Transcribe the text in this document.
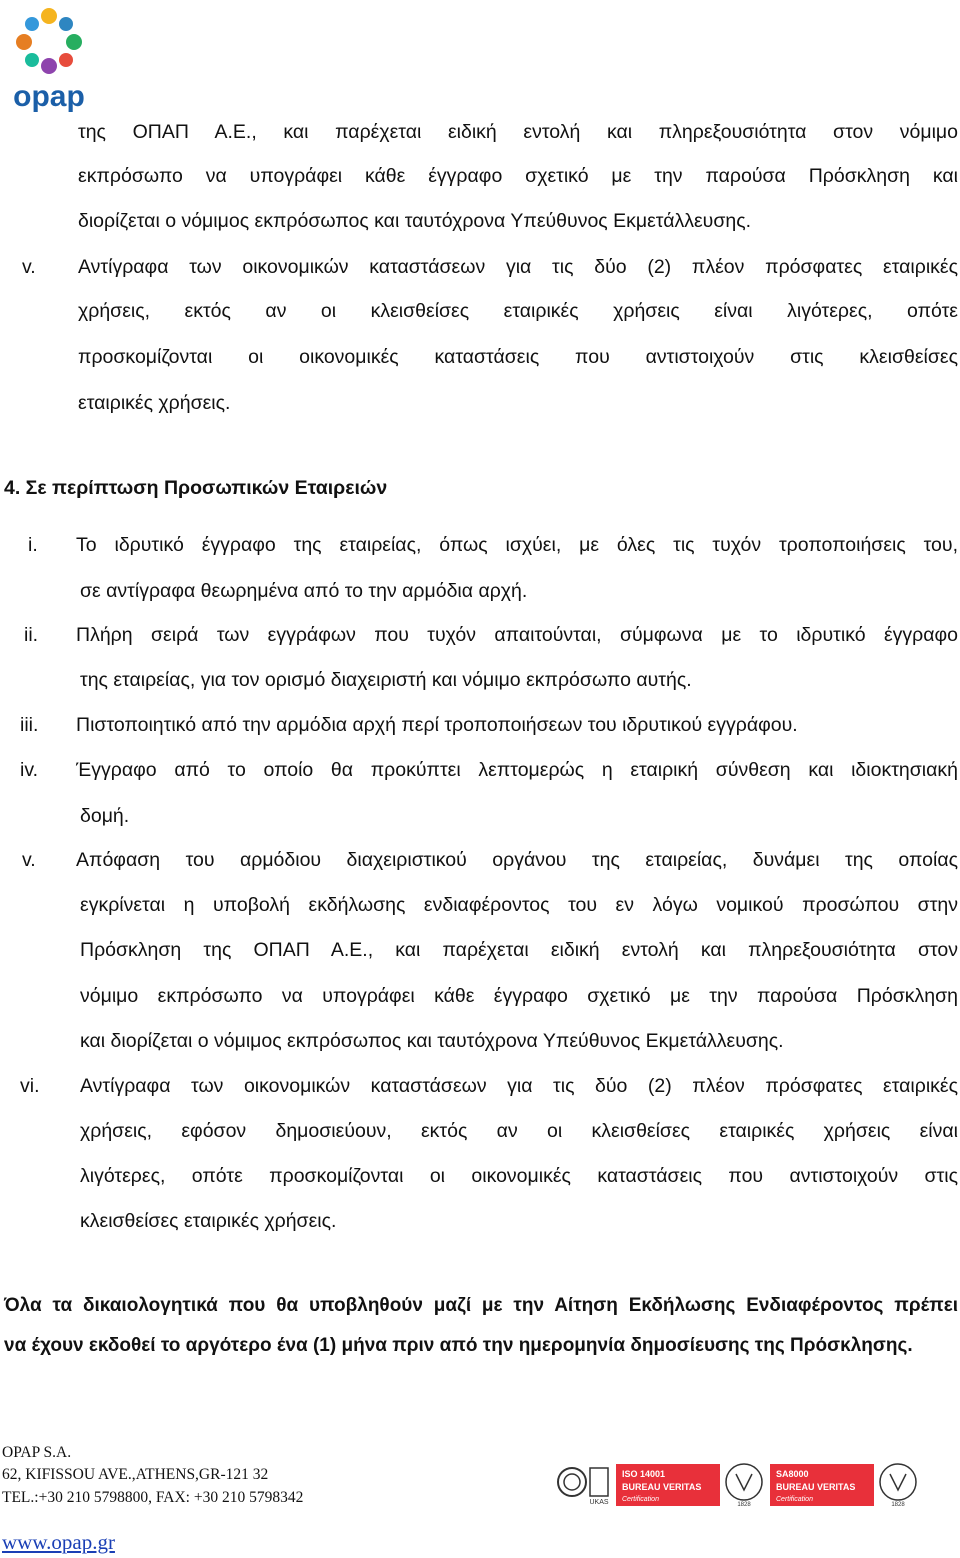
opap
της ΟΠΑΠ Α.Ε., και παρέχεται ειδική εντολή και πληρεξουσιότητα στον νόμιμο
εκπρόσωπο να υπογράφει κάθε έγγραφο σχετικό με την παρούσα Πρόσκληση και
διορίζεται ο νόμιμος εκπρόσωπος και ταυτόχρονα Υπεύθυνος Εκμετάλλευσης.
v. Αντίγραφα των οικονομικών καταστάσεων για τις δύο (2) πλέον πρόσφατες εταιρικές
χρήσεις, εκτός αν οι κλεισθείσες εταιρικές χρήσεις είναι λιγότερες, οπότε
προσκομίζονται οι οικονομικές καταστάσεις που αντιστοιχούν στις κλεισθείσες
εταιρικές χρήσεις.
4. Σε περίπτωση Προσωπικών Εταιρειών
i. Το ιδρυτικό έγγραφο της εταιρείας, όπως ισχύει, με όλες τις τυχόν τροποποιήσεις του,
σε αντίγραφα θεωρημένα από το την αρμόδια αρχή.
ii. Πλήρη σειρά των εγγράφων που τυχόν απαιτούνται, σύμφωνα με το ιδρυτικό έγγραφο
της εταιρείας, για τον ορισμό διαχειριστή και νόμιμο εκπρόσωπο αυτής.
iii. Πιστοποιητικό από την αρμόδια αρχή περί τροποποιήσεων του ιδρυτικού εγγράφου.
iv. Έγγραφο από το οποίο θα προκύπτει λεπτομερώς η εταιρική σύνθεση και ιδιοκτησιακή
δομή.
v. Απόφαση του αρμόδιου διαχειριστικού οργάνου της εταιρείας, δυνάμει της οποίας
εγκρίνεται η υποβολή εκδήλωσης ενδιαφέροντος του εν λόγω νομικού προσώπου στην
Πρόσκληση της ΟΠΑΠ Α.Ε., και παρέχεται ειδική εντολή και πληρεξουσιότητα στον
νόμιμο εκπρόσωπο να υπογράφει κάθε έγγραφο σχετικό με την παρούσα Πρόσκληση
και διορίζεται ο νόμιμος εκπρόσωπος και ταυτόχρονα Υπεύθυνος Εκμετάλλευσης.
vi. Αντίγραφα των οικονομικών καταστάσεων για τις δύο (2) πλέον πρόσφατες εταιρικές
χρήσεις, εφόσον δημοσιεύουν, εκτός αν οι κλεισθείσες εταιρικές χρήσεις είναι
λιγότερες, οπότε προσκομίζονται οι οικονομικές καταστάσεις που αντιστοιχούν στις
κλεισθείσες εταιρικές χρήσεις.
Όλα τα δικαιολογητικά που θα υποβληθούν μαζί με την Αίτηση Εκδήλωσης Ενδιαφέροντος πρέπει
να έχουν εκδοθεί το αργότερο ένα (1) μήνα πριν από την ημερομηνία δημοσίευσης της Πρόσκλησης.
OPAP S.A.
62, KIFISSOU AVE.,ATHENS,GR-121 32
TEL.:+30 210 5798800, FAX: +30 210 5798342
www.opap.gr
UKAS
ISO 14001
BUREAU VERITAS
Certification
1828
SA8000
BUREAU VERITAS
Certification
1828
